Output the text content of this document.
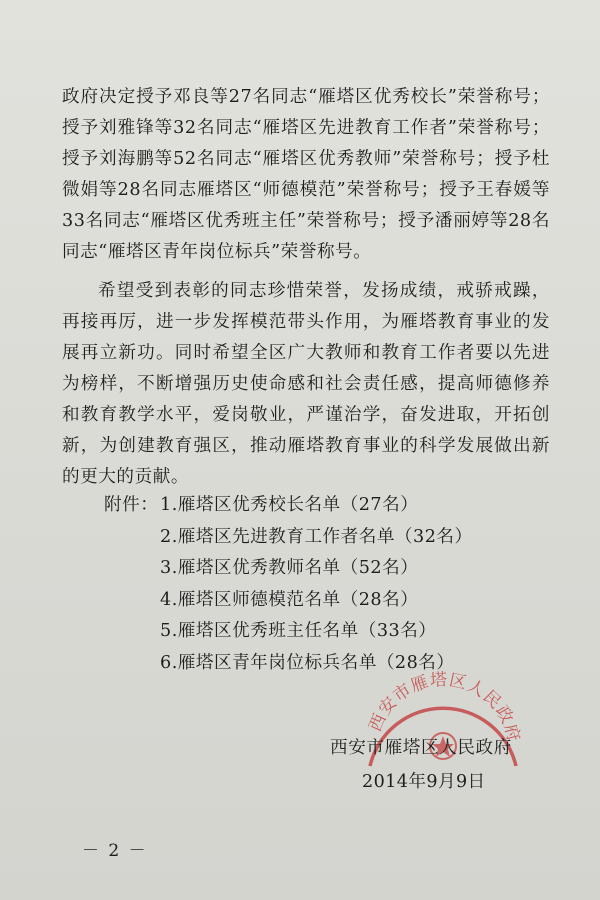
政府决定授予邓良等27名同志“雁塔区优秀校长”荣誉称号；授予刘雅锋等32名同志“雁塔区先进教育工作者”荣誉称号；授予刘海鹏等52名同志“雁塔区优秀教师”荣誉称号；授予杜微娟等28名同志雁塔区“师德模范”荣誉称号；授予王春媛等33名同志“雁塔区优秀班主任”荣誉称号；授予潘丽婷等28名同志“雁塔区青年岗位标兵”荣誉称号。

希望受到表彰的同志珍惜荣誉，发扬成绩，戒骄戒躁，再接再厉，进一步发挥模范带头作用，为雁塔教育事业的发展再立新功。同时希望全区广大教师和教育工作者要以先进为榜样，不断增强历史使命感和社会责任感，提高师德修养和教育教学水平，爱岗敬业，严谨治学，奋发进取，开拓创新，为创建教育强区，推动雁塔教育事业的科学发展做出新的更大的贡献。

附件： 1.雁塔区优秀校长名单（27名）
2.雁塔区先进教育工作者名单（32名）
3.雁塔区优秀教师名单（52名）
4.雁塔区师德模范名单（28名）
5.雁塔区优秀班主任名单（33名）
6.雁塔区青年岗位标兵名单（28名）
西安市雁塔区人民政府
西安市雁塔区人民政府
2014年9月9日
－ 2 －
